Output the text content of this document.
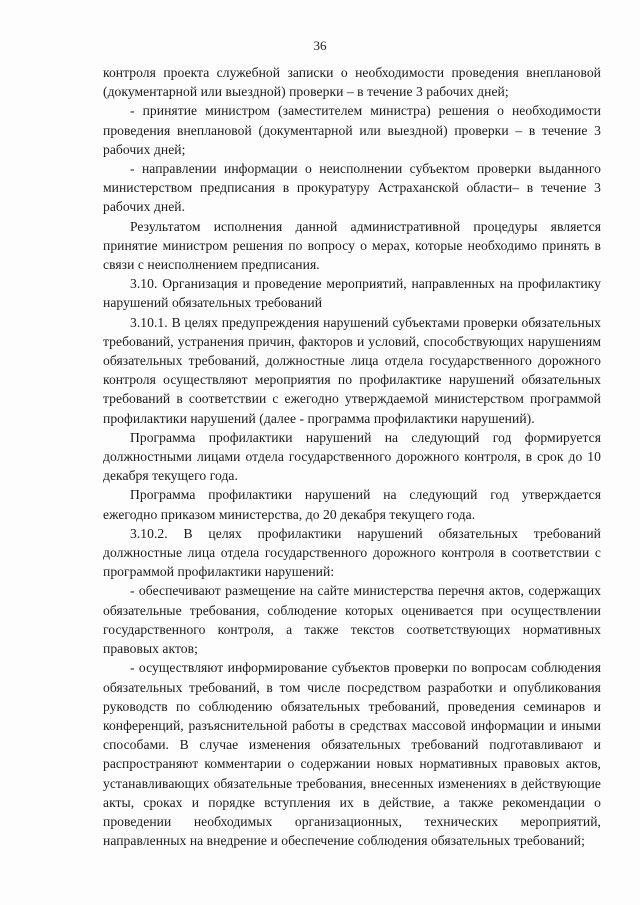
36

контроля проекта служебной записки о необходимости проведения внеплановой (документарной или выездной) проверки – в течение 3 рабочих дней;

- принятие министром (заместителем министра) решения о необходимости проведения внеплановой (документарной или выездной) проверки – в течение 3 рабочих дней;

- направлении информации о неисполнении субъектом проверки выданного министерством предписания в прокуратуру Астраханской области– в течение 3 рабочих дней.

Результатом исполнения данной административной процедуры является принятие министром решения по вопросу о мерах, которые необходимо принять в связи с неисполнением предписания.

3.10. Организация и проведение мероприятий, направленных на профилактику нарушений обязательных требований

3.10.1. В целях предупреждения нарушений субъектами проверки обязательных требований, устранения причин, факторов и условий, способствующих нарушениям обязательных требований, должностные лица отдела государственного дорожного контроля осуществляют мероприятия по профилактике нарушений обязательных требований в соответствии с ежегодно утверждаемой министерством программой профилактики нарушений (далее - программа профилактики нарушений).

Программа профилактики нарушений на следующий год формируется должностными лицами отдела государственного дорожного контроля, в срок до 10 декабря текущего года.

Программа профилактики нарушений на следующий год утверждается ежегодно приказом министерства, до 20 декабря текущего года.

3.10.2. В целях профилактики нарушений обязательных требований должностные лица отдела государственного дорожного контроля в соответствии с программой профилактики нарушений:

- обеспечивают размещение на сайте министерства перечня актов, содержащих обязательные требования, соблюдение которых оценивается при осуществлении государственного контроля, а также текстов соответствующих нормативных правовых актов;

- осуществляют информирование субъектов проверки по вопросам соблюдения обязательных требований, в том числе посредством разработки и опубликования руководств по соблюдению обязательных требований, проведения семинаров и конференций, разъяснительной работы в средствах массовой информации и иными способами. В случае изменения обязательных требований подготавливают и распространяют комментарии о содержании новых нормативных правовых актов, устанавливающих обязательные требования, внесенных изменениях в действующие акты, сроках и порядке вступления их в действие, а также рекомендации о проведении необходимых организационных, технических мероприятий, направленных на внедрение и обеспечение соблюдения обязательных требований;
